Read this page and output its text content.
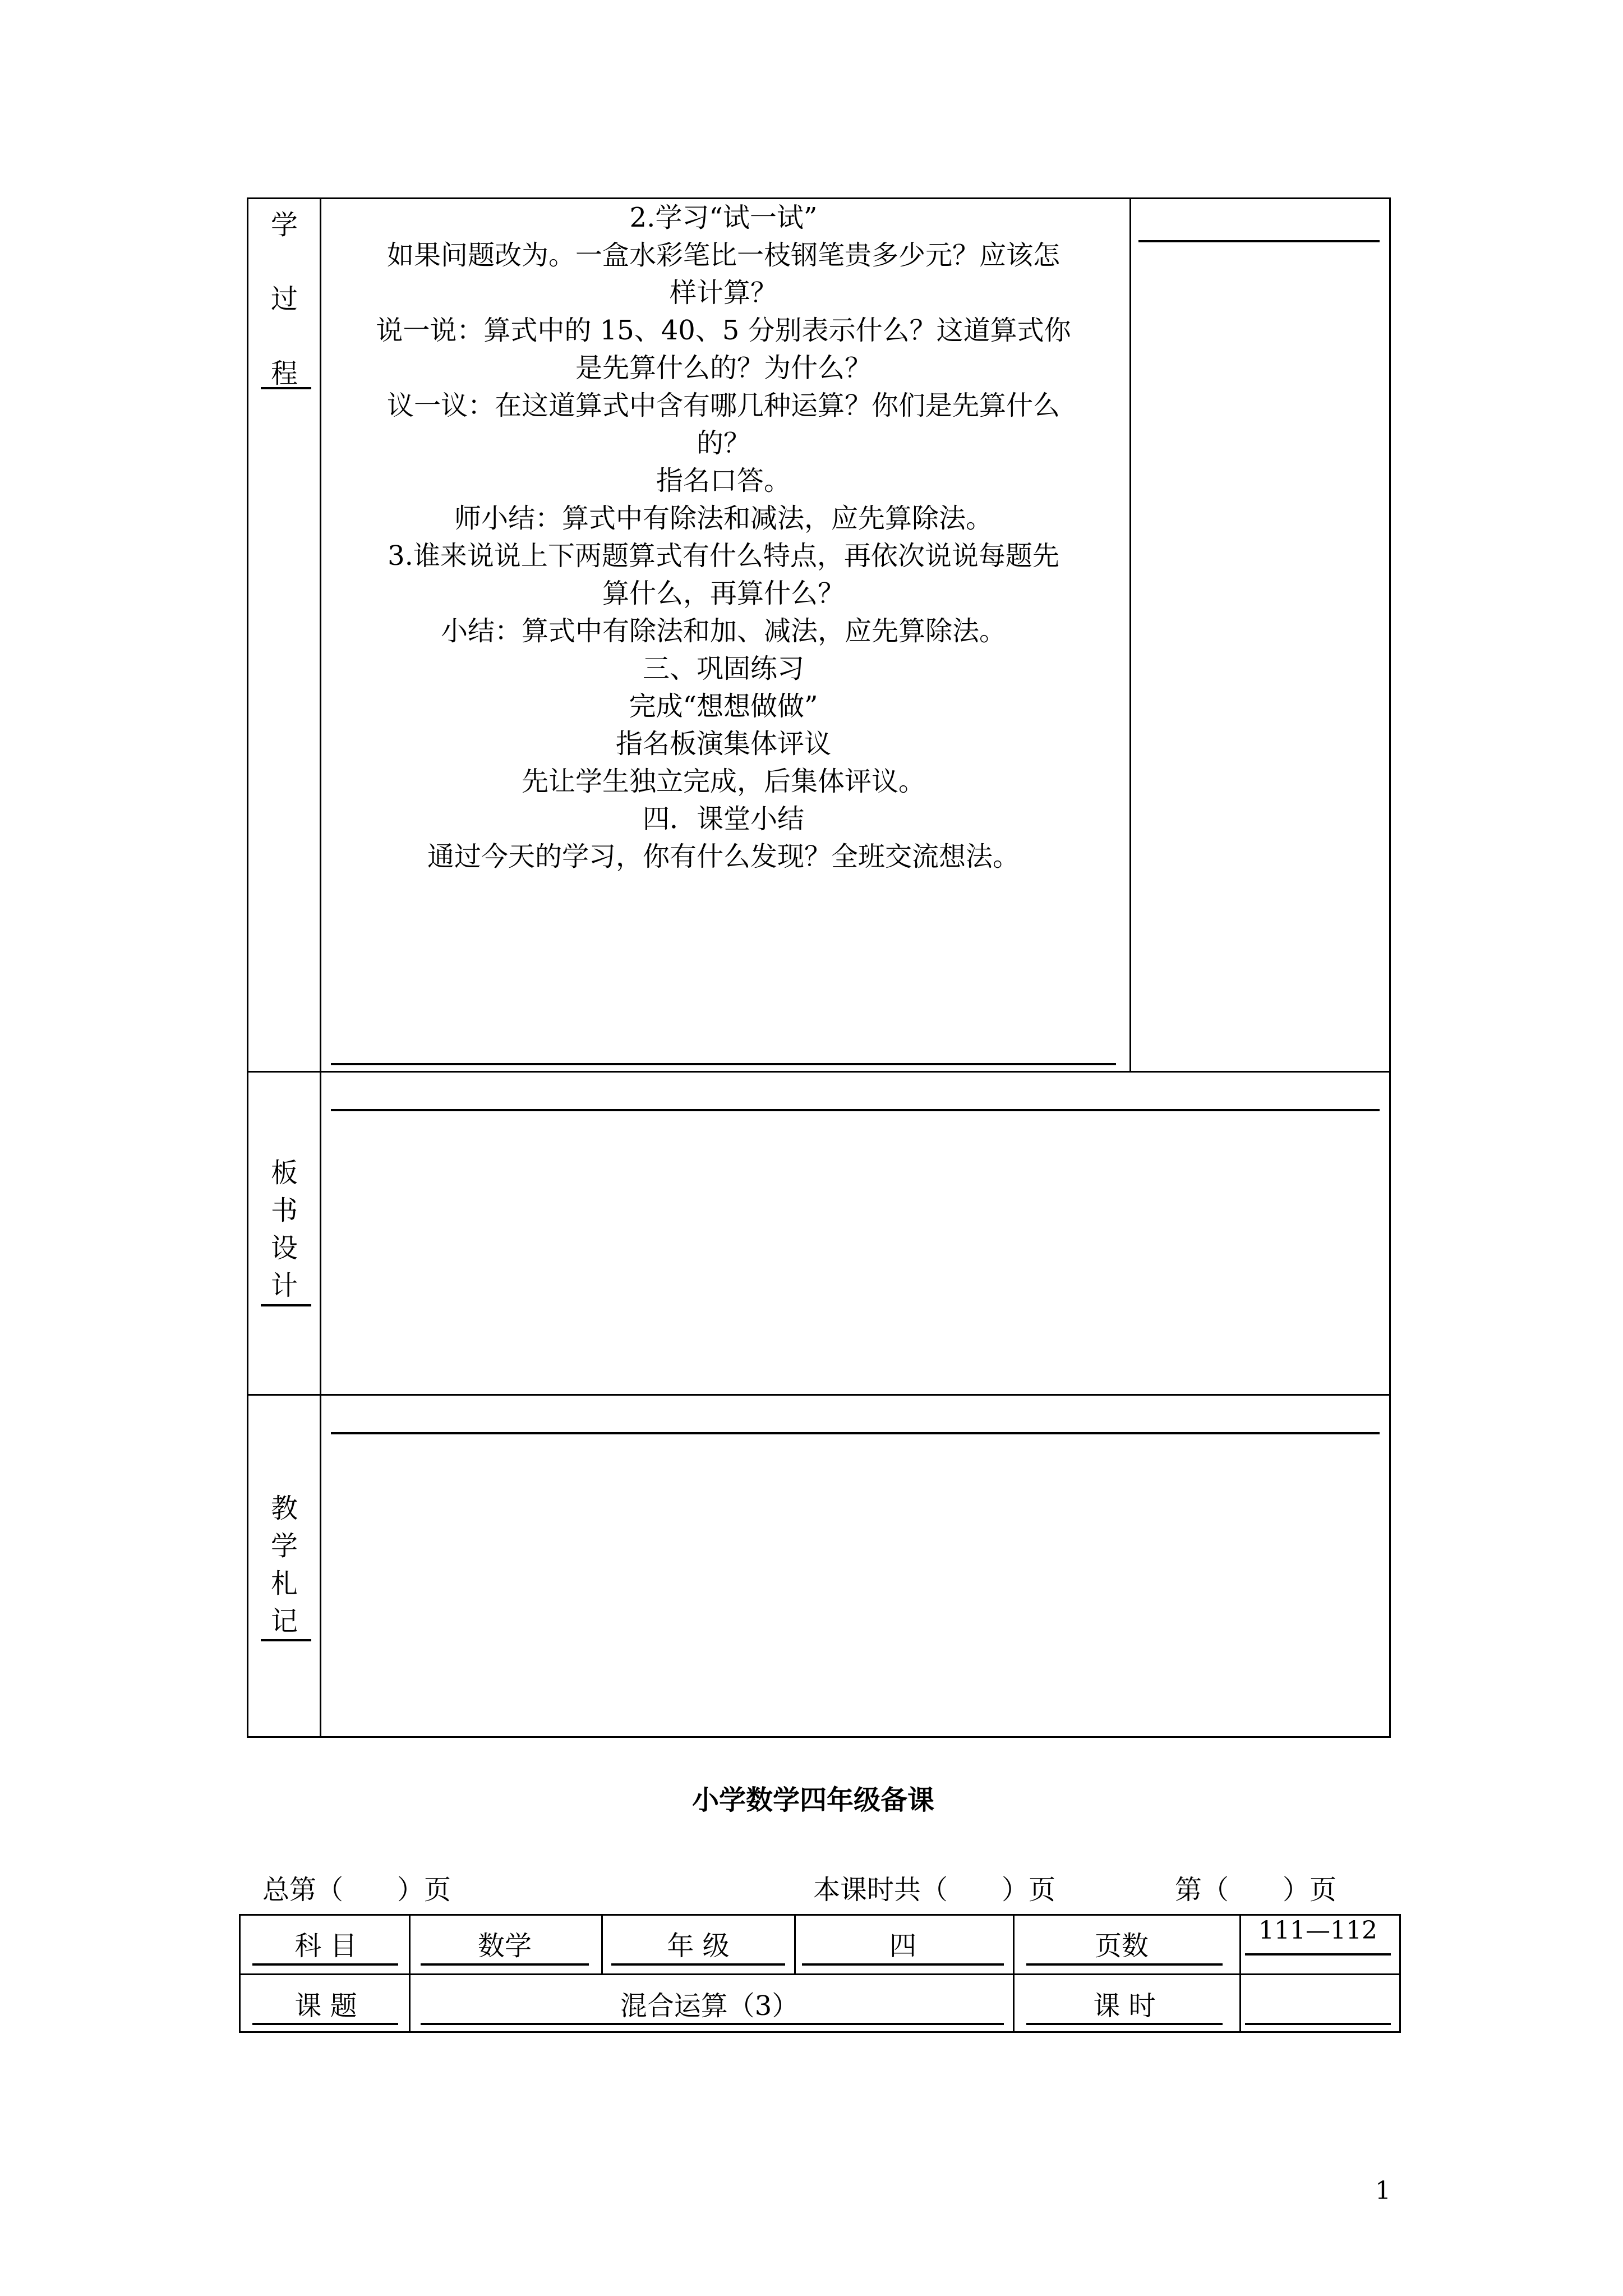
学
过
程

2.学习“试一试”

如果问题改为。一盒水彩笔比一枝钢笔贵多少元？应该怎

样计算？

说一说：算式中的 15、40、5 分别表示什么？这道算式你

是先算什么的？为什么？

议一议：在这道算式中含有哪几种运算？你们是先算什么

的？

指名口答。

师小结：算式中有除法和减法，应先算除法。

3.谁来说说上下两题算式有什么特点，再依次说说每题先

算什么，再算什么？

小结：算式中有除法和加、减法，应先算除法。

三、巩固练习

完成“想想做做”

指名板演集体评议

先让学生独立完成，后集体评议。

四．课堂小结

通过今天的学习，你有什么发现？全班交流想法。

板
书
设
计
教
学
札
记
小学数学四年级备课
总第（　　）页	本课时共（　　）页	第（　　）页
科 目	数学	年 级	四	页数	111—112
课 题	混合运算（3）	课 时
1
